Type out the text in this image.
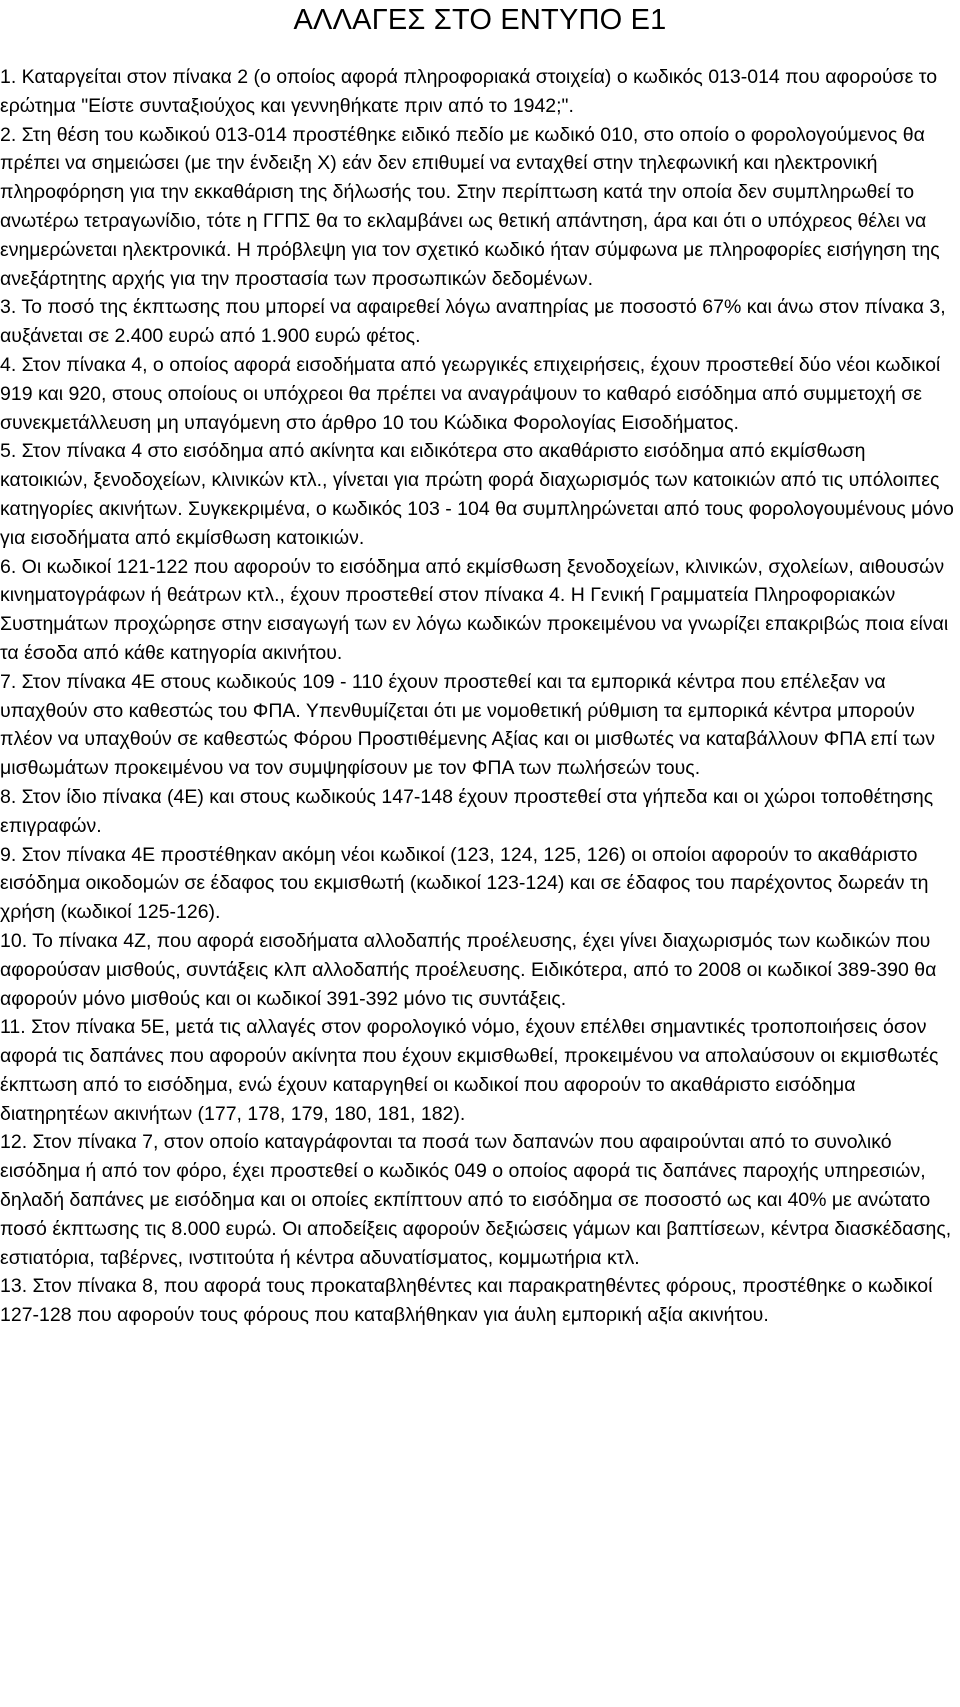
ΑΛΛΑΓΕΣ ΣΤΟ ΕΝΤΥΠΟ Ε1

1. Καταργείται στον πίνακα 2 (ο οποίος αφορά πληροφοριακά στοιχεία) ο κωδικός 013-014 που αφορούσε το ερώτημα "Είστε συνταξιούχος και γεννηθήκατε πριν από το 1942;".

2. Στη θέση του κωδικού 013-014 προστέθηκε ειδικό πεδίο με κωδικό 010, στο οποίο ο φορολογούμενος θα πρέπει να σημειώσει (με την ένδειξη Χ) εάν δεν επιθυμεί να ενταχθεί στην τηλεφωνική και ηλεκτρονική πληροφόρηση για την εκκαθάριση της δήλωσής του. Στην περίπτωση κατά την οποία δεν συμπληρωθεί το ανωτέρω τετραγωνίδιο, τότε η ΓΓΠΣ θα το εκλαμβάνει ως θετική απάντηση, άρα και ότι ο υπόχρεος θέλει να ενημερώνεται ηλεκτρονικά. Η πρόβλεψη για τον σχετικό κωδικό ήταν σύμφωνα με πληροφορίες εισήγηση της ανεξάρτητης αρχής για την προστασία των προσωπικών δεδομένων.

3. Το ποσό της έκπτωσης που μπορεί να αφαιρεθεί λόγω αναπηρίας με ποσοστό 67% και άνω στον πίνακα 3, αυξάνεται σε 2.400 ευρώ από 1.900 ευρώ φέτος.

4. Στον πίνακα 4, ο οποίος αφορά εισοδήματα από γεωργικές επιχειρήσεις, έχουν προστεθεί δύο νέοι κωδικοί 919 και 920, στους οποίους οι υπόχρεοι θα πρέπει να αναγράψουν το καθαρό εισόδημα από συμμετοχή σε συνεκμετάλλευση μη υπαγόμενη στο άρθρο 10 του Κώδικα Φορολογίας Εισοδήματος.

5. Στον πίνακα 4 στο εισόδημα από ακίνητα και ειδικότερα στο ακαθάριστο εισόδημα από εκμίσθωση κατοικιών, ξενοδοχείων, κλινικών κτλ., γίνεται για πρώτη φορά διαχωρισμός των κατοικιών από τις υπόλοιπες κατηγορίες ακινήτων. Συγκεκριμένα, ο κωδικός 103 - 104 θα συμπληρώνεται από τους φορολογουμένους μόνο για εισοδήματα από εκμίσθωση κατοικιών.

6. Οι κωδικοί 121-122 που αφορούν το εισόδημα από εκμίσθωση ξενοδοχείων, κλινικών, σχολείων, αιθουσών κινηματογράφων ή θεάτρων κτλ., έχουν προστεθεί στον πίνακα 4. Η Γενική Γραμματεία Πληροφοριακών Συστημάτων προχώρησε στην εισαγωγή των εν λόγω κωδικών προκειμένου να γνωρίζει επακριβώς ποια είναι τα έσοδα από κάθε κατηγορία ακινήτου.

7. Στον πίνακα 4Ε στους κωδικούς 109 - 110 έχουν προστεθεί και τα εμπορικά κέντρα που επέλεξαν να υπαχθούν στο καθεστώς του ΦΠΑ. Υπενθυμίζεται ότι με νομοθετική ρύθμιση τα εμπορικά κέντρα μπορούν πλέον να υπαχθούν σε καθεστώς Φόρου Προστιθέμενης Αξίας και οι μισθωτές να καταβάλλουν ΦΠΑ επί των μισθωμάτων προκειμένου να τον συμψηφίσουν με τον ΦΠΑ των πωλήσεών τους.

8. Στον ίδιο πίνακα (4Ε) και στους κωδικούς 147-148 έχουν προστεθεί στα γήπεδα και οι χώροι τοποθέτησης επιγραφών.

9. Στον πίνακα 4Ε προστέθηκαν ακόμη νέοι κωδικοί (123, 124, 125, 126) οι οποίοι αφορούν το ακαθάριστο εισόδημα οικοδομών σε έδαφος του εκμισθωτή (κωδικοί 123-124) και σε έδαφος του παρέχοντος δωρεάν τη χρήση (κωδικοί 125-126).

10. Το πίνακα 4Ζ, που αφορά εισοδήματα αλλοδαπής προέλευσης, έχει γίνει διαχωρισμός των κωδικών που αφορούσαν μισθούς, συντάξεις κλπ αλλοδαπής προέλευσης. Ειδικότερα, από το 2008 οι κωδικοί 389-390 θα αφορούν μόνο μισθούς και οι κωδικοί 391-392 μόνο τις συντάξεις.

11. Στον πίνακα 5Ε, μετά τις αλλαγές στον φορολογικό νόμο, έχουν επέλθει σημαντικές τροποποιήσεις όσον αφορά τις δαπάνες που αφορούν ακίνητα που έχουν εκμισθωθεί, προκειμένου να απολαύσουν οι εκμισθωτές έκπτωση από το εισόδημα, ενώ έχουν καταργηθεί οι κωδικοί που αφορούν το ακαθάριστο εισόδημα διατηρητέων ακινήτων (177, 178, 179, 180, 181, 182).

12. Στον πίνακα 7, στον οποίο καταγράφονται τα ποσά των δαπανών που αφαιρούνται από το συνολικό εισόδημα ή από τον φόρο, έχει προστεθεί ο κωδικός 049 ο οποίος αφορά τις δαπάνες παροχής υπηρεσιών, δηλαδή δαπάνες με εισόδημα και οι οποίες εκπίπτουν από το εισόδημα σε ποσοστό ως και 40% με ανώτατο ποσό έκπτωσης τις 8.000 ευρώ. Οι αποδείξεις αφορούν δεξιώσεις γάμων και βαπτίσεων, κέντρα διασκέδασης, εστιατόρια, ταβέρνες, ινστιτούτα ή κέντρα αδυνατίσματος, κομμωτήρια κτλ.

13. Στον πίνακα 8, που αφορά τους προκαταβληθέντες και παρακρατηθέντες φόρους, προστέθηκε ο κωδικοί 127-128 που αφορούν τους φόρους που καταβλήθηκαν για άυλη εμπορική αξία ακινήτου.
